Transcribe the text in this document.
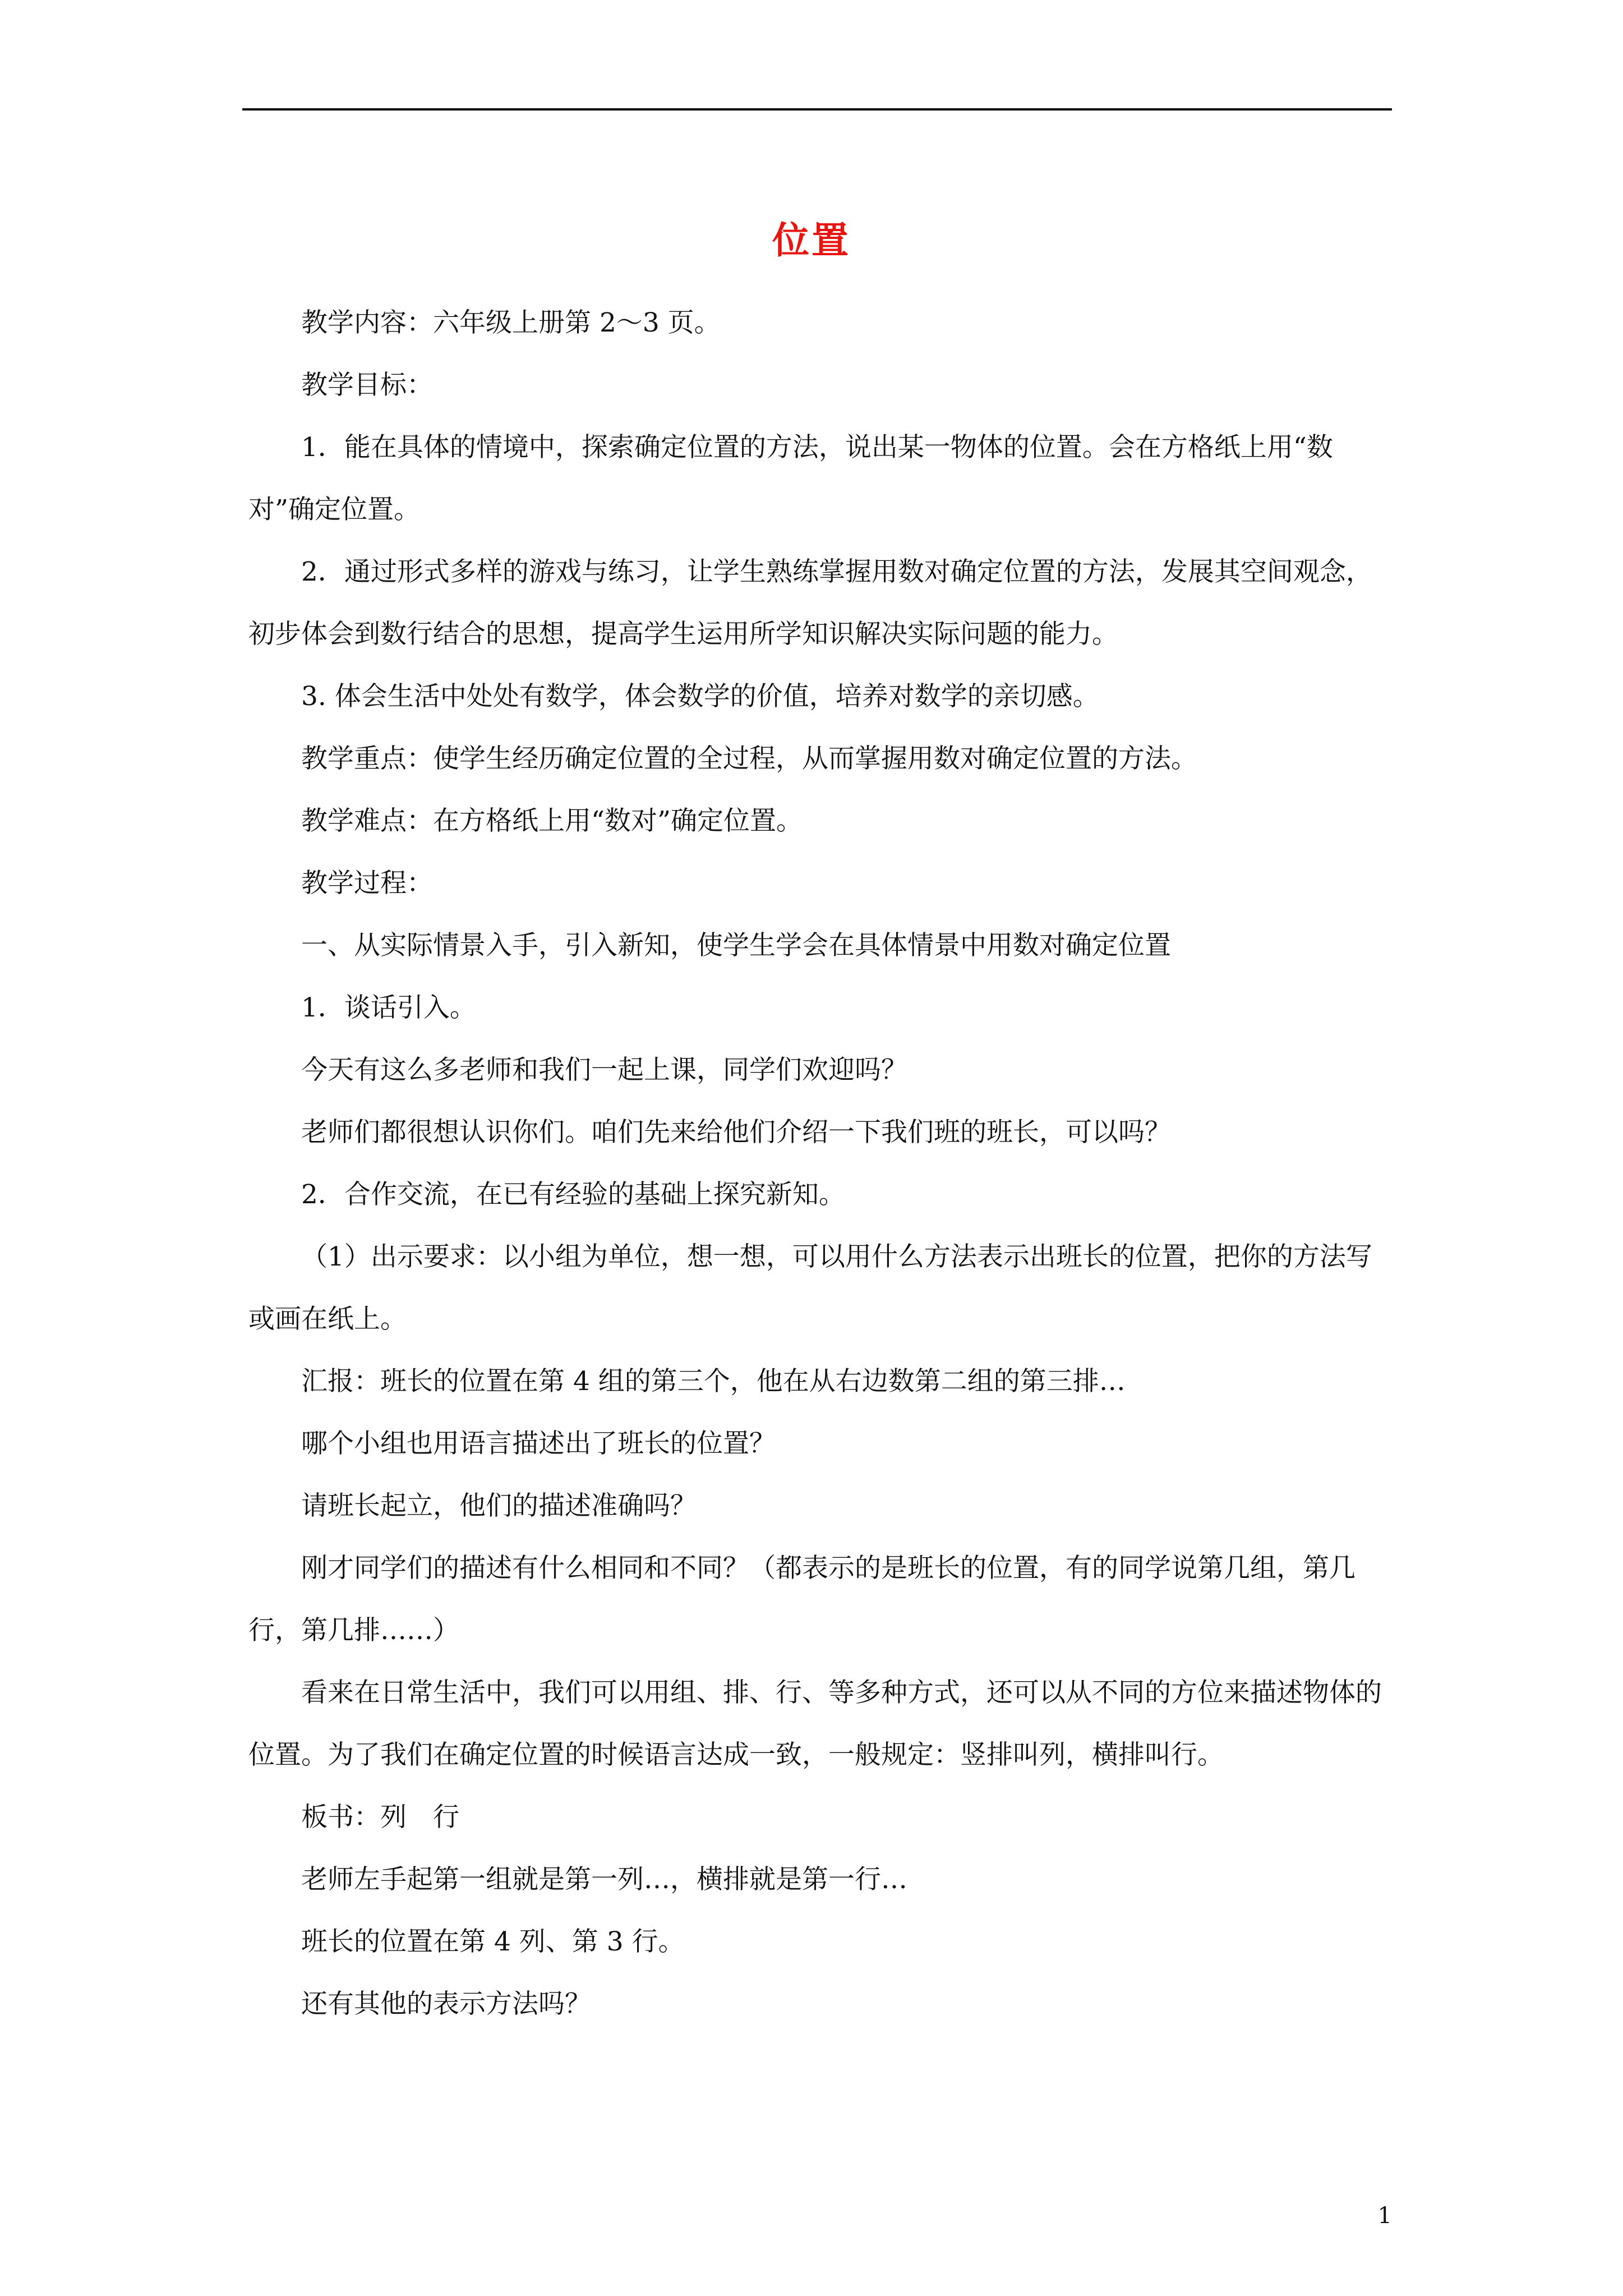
位置

教学内容：六年级上册第 2～3 页。

教学目标：

1．能在具体的情境中，探索确定位置的方法，说出某一物体的位置。会在方格纸上用“数对”确定位置。

2．通过形式多样的游戏与练习，让学生熟练掌握用数对确定位置的方法，发展其空间观念，初步体会到数行结合的思想，提高学生运用所学知识解决实际问题的能力。

3. 体会生活中处处有数学，体会数学的价值，培养对数学的亲切感。

教学重点：使学生经历确定位置的全过程，从而掌握用数对确定位置的方法。

教学难点：在方格纸上用“数对”确定位置。

教学过程：

一、从实际情景入手，引入新知，使学生学会在具体情景中用数对确定位置

1．谈话引入。

今天有这么多老师和我们一起上课，同学们欢迎吗？

老师们都很想认识你们。咱们先来给他们介绍一下我们班的班长，可以吗？

2．合作交流，在已有经验的基础上探究新知。

（1）出示要求：以小组为单位，想一想，可以用什么方法表示出班长的位置，把你的方法写或画在纸上。

汇报：班长的位置在第 4 组的第三个，他在从右边数第二组的第三排…

哪个小组也用语言描述出了班长的位置？

请班长起立，他们的描述准确吗？

刚才同学们的描述有什么相同和不同？（都表示的是班长的位置，有的同学说第几组，第几行，第几排……）

看来在日常生活中，我们可以用组、排、行、等多种方式，还可以从不同的方位来描述物体的位置。为了我们在确定位置的时候语言达成一致，一般规定：竖排叫列，横排叫行。

板书：列　行

老师左手起第一组就是第一列…，横排就是第一行…

班长的位置在第 4 列、第 3 行。

还有其他的表示方法吗？

1
